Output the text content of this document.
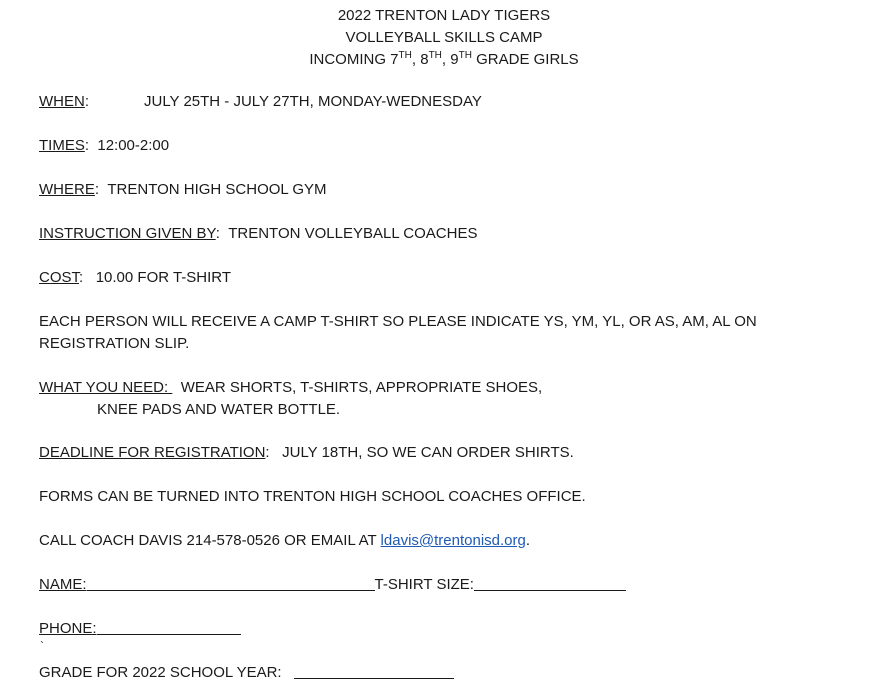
2022 TRENTON LADY TIGERS
VOLLEYBALL SKILLS CAMP
INCOMING 7TH, 8TH, 9TH GRADE GIRLS
WHEN:	JULY 25TH - JULY 27TH, MONDAY-WEDNESDAY
TIMES: 12:00-2:00
WHERE: TRENTON HIGH SCHOOL GYM
INSTRUCTION GIVEN BY: TRENTON VOLLEYBALL COACHES
COST: 10.00 FOR T-SHIRT
EACH PERSON WILL RECEIVE A CAMP T-SHIRT SO PLEASE INDICATE YS, YM, YL, OR AS, AM, AL ON
REGISTRATION SLIP.
WHAT YOU NEED:   WEAR SHORTS, T-SHIRTS, APPROPRIATE SHOES,
KNEE PADS AND WATER BOTTLE.
DEADLINE FOR REGISTRATION: JULY 18TH, SO WE CAN ORDER SHIRTS.
FORMS CAN BE TURNED INTO TRENTON HIGH SCHOOL COACHES OFFICE.
CALL COACH DAVIS 214-578-0526 OR EMAIL AT ldavis@trentonisd.org.
NAME:	T-SHIRT SIZE:
PHONE:
`
GRADE FOR 2022 SCHOOL YEAR:
